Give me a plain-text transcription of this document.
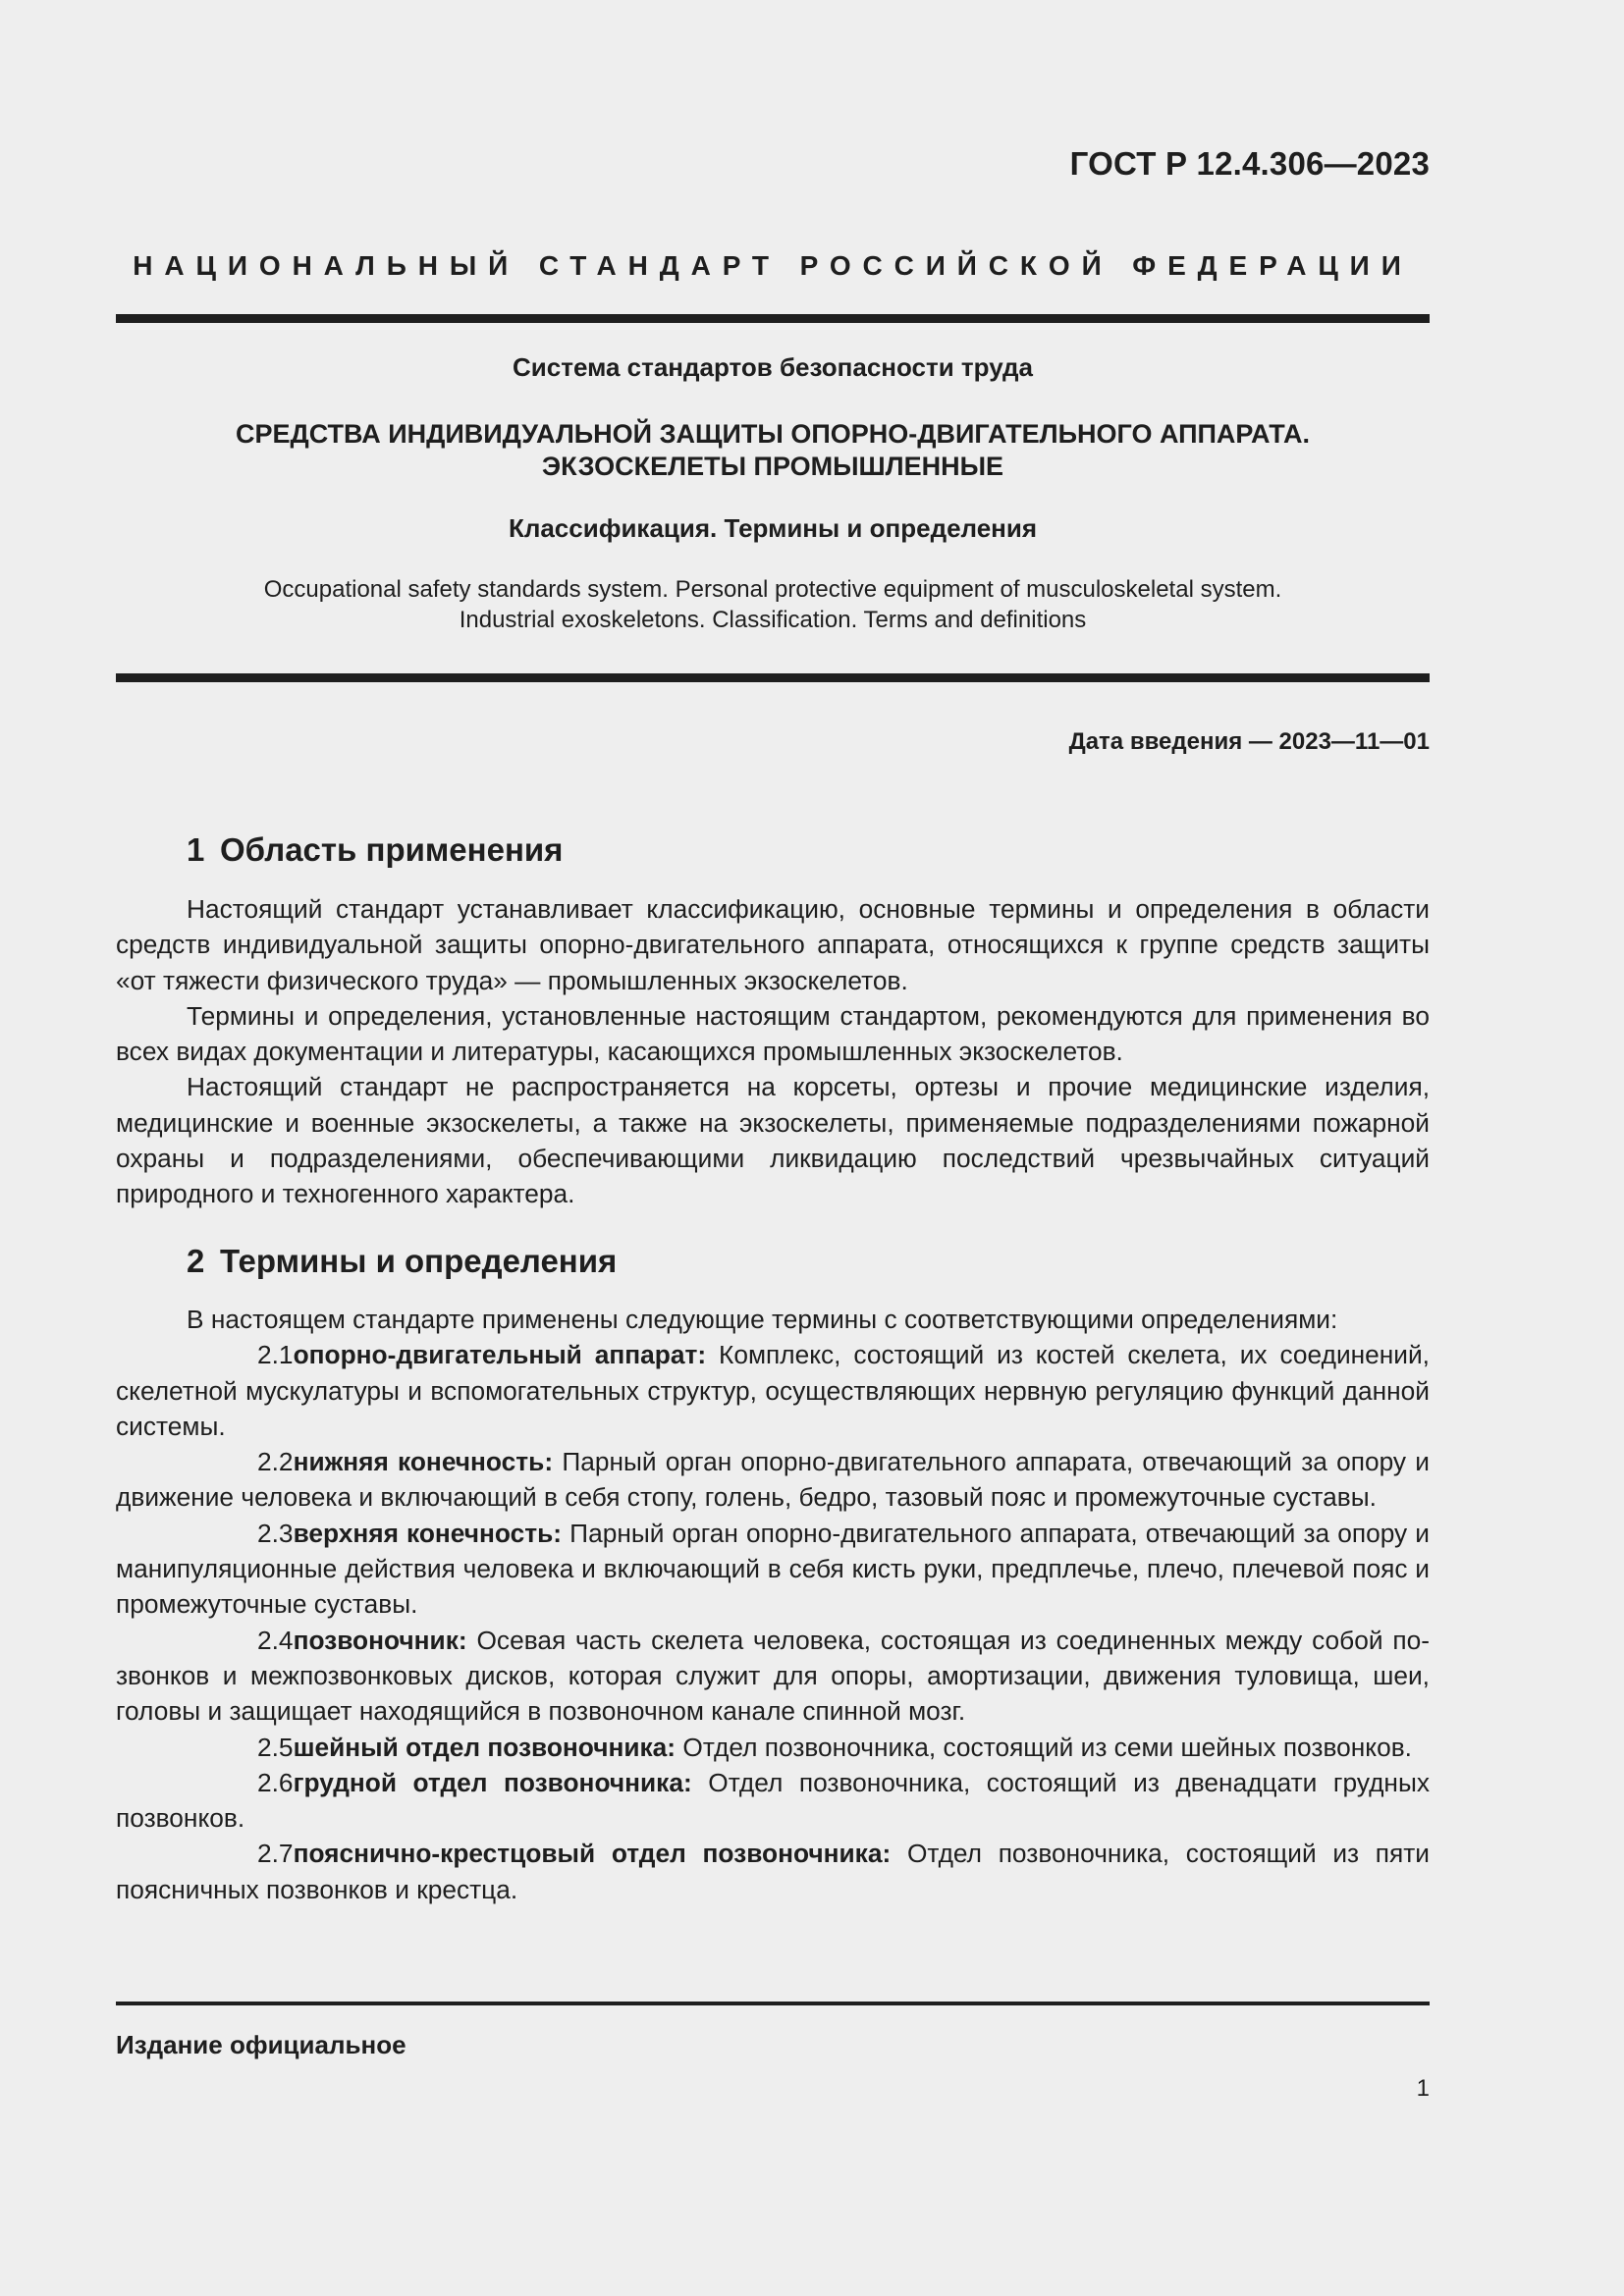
ГОСТ Р 12.4.306—2023
НАЦИОНАЛЬНЫЙ СТАНДАРТ РОССИЙСКОЙ ФЕДЕРАЦИИ
Система стандартов безопасности труда
СРЕДСТВА ИНДИВИДУАЛЬНОЙ ЗАЩИТЫ ОПОРНО-ДВИГАТЕЛЬНОГО АППАРАТА.
ЭКЗОСКЕЛЕТЫ ПРОМЫШЛЕННЫЕ
Классификация. Термины и определения
Occupational safety standards system. Personal protective equipment of musculoskeletal system.
Industrial exoskeletons. Classification. Terms and definitions
Дата введения — 2023—11—01
1 Область применения

Настоящий стандарт устанавливает классификацию, основные термины и определения в области средств индивидуальной защиты опорно-двигательного аппарата, относящихся к группе средств защиты «от тяжести физического труда» — промышленных экзоскелетов.

Термины и определения, установленные настоящим стандартом, рекомендуются для применения во всех видах документации и литературы, касающихся промышленных экзоскелетов.

Настоящий стандарт не распространяется на корсеты, ортезы и прочие медицинские изделия, медицинские и военные экзоскелеты, а также на экзоскелеты, применяемые подразделениями пожарной охраны и подразделениями, обеспечивающими ликвидацию последствий чрезвычайных ситуаций природного и техногенного характера.

2 Термины и определения

В настоящем стандарте применены следующие термины с соответствующими определениями:

2.1опорно-двигательный аппарат: Комплекс, состоящий из костей скелета, их соединений, скелетной мускулатуры и вспомогательных структур, осуществляющих нервную регуляцию функций данной системы.

2.2нижняя конечность: Парный орган опорно-двигательного аппарата, отвечающий за опору и движение человека и включающий в себя стопу, голень, бедро, тазовый пояс и промежуточные суставы.

2.3верхняя конечность: Парный орган опорно-двигательного аппарата, отвечающий за опору и манипуляционные действия человека и включающий в себя кисть руки, предплечье, плечо, плечевой пояс и промежуточные суставы.

2.4позвоночник: Осевая часть скелета человека, состоящая из соединенных между собой по-звонков и межпозвонковых дисков, которая служит для опоры, амортизации, движения туловища, шеи, головы и защищает находящийся в позвоночном канале спинной мозг.

2.5шейный отдел позвоночника: Отдел позвоночника, состоящий из семи шейных позвонков.

2.6грудной отдел позвоночника: Отдел позвоночника, состоящий из двенадцати грудных позвонков.

2.7пояснично-крестцовый отдел позвоночника: Отдел позвоночника, состоящий из пяти поясничных позвонков и крестца.

Издание официальное
1
